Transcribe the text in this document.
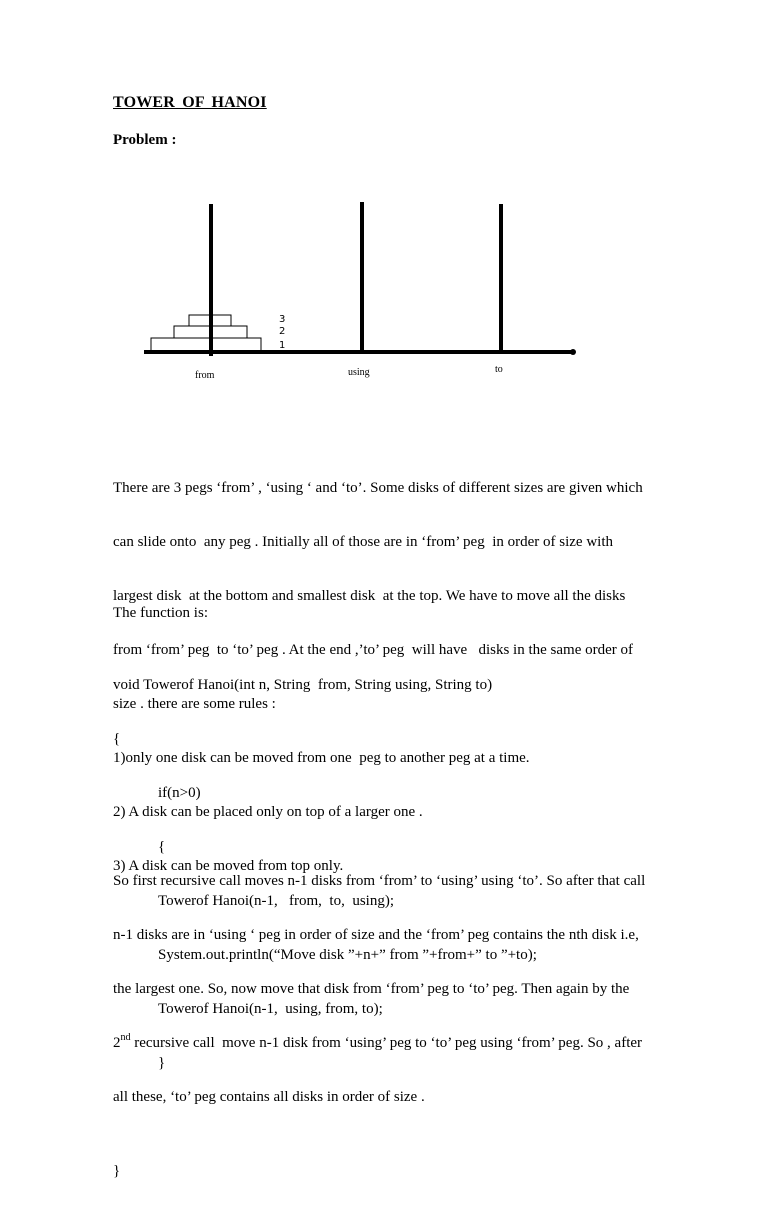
TOWER OF HANOI
Problem :
3
2
1
from	using	to

There are 3 pegs ‘from’ , ‘using ‘ and ‘to’. Some disks of different sizes are given which

can slide onto  any peg . Initially all of those are in ‘from’ peg  in order of size with

largest disk  at the bottom and smallest disk  at the top. We have to move all the disks

from ‘from’ peg  to ‘to’ peg . At the end ,’to’ peg  will have   disks in the same order of

size . there are some rules :

1)only one disk can be moved from one  peg to another peg at a time.

2) A disk can be placed only on top of a larger one .

3) A disk can be moved from top only.

The function is:

void Towerof Hanoi(int n, String  from, String using, String to)

{

if(n>0)

{

Towerof Hanoi(n-1,   from,  to,  using);

System.out.println(“Move disk ”+n+” from ”+from+” to ”+to);

Towerof Hanoi(n-1,  using, from, to);

}

}

So first recursive call moves n-1 disks from ‘from’ to ‘using’ using ‘to’. So after that call

n-1 disks are in ‘using ‘ peg in order of size and the ‘from’ peg contains the nth disk i.e,

the largest one. So, now move that disk from ‘from’ peg to ‘to’ peg. Then again by the

2nd recursive call  move n-1 disk from ‘using’ peg to ‘to’ peg using ‘from’ peg. So , after

all these, ‘to’ peg contains all disks in order of size .
